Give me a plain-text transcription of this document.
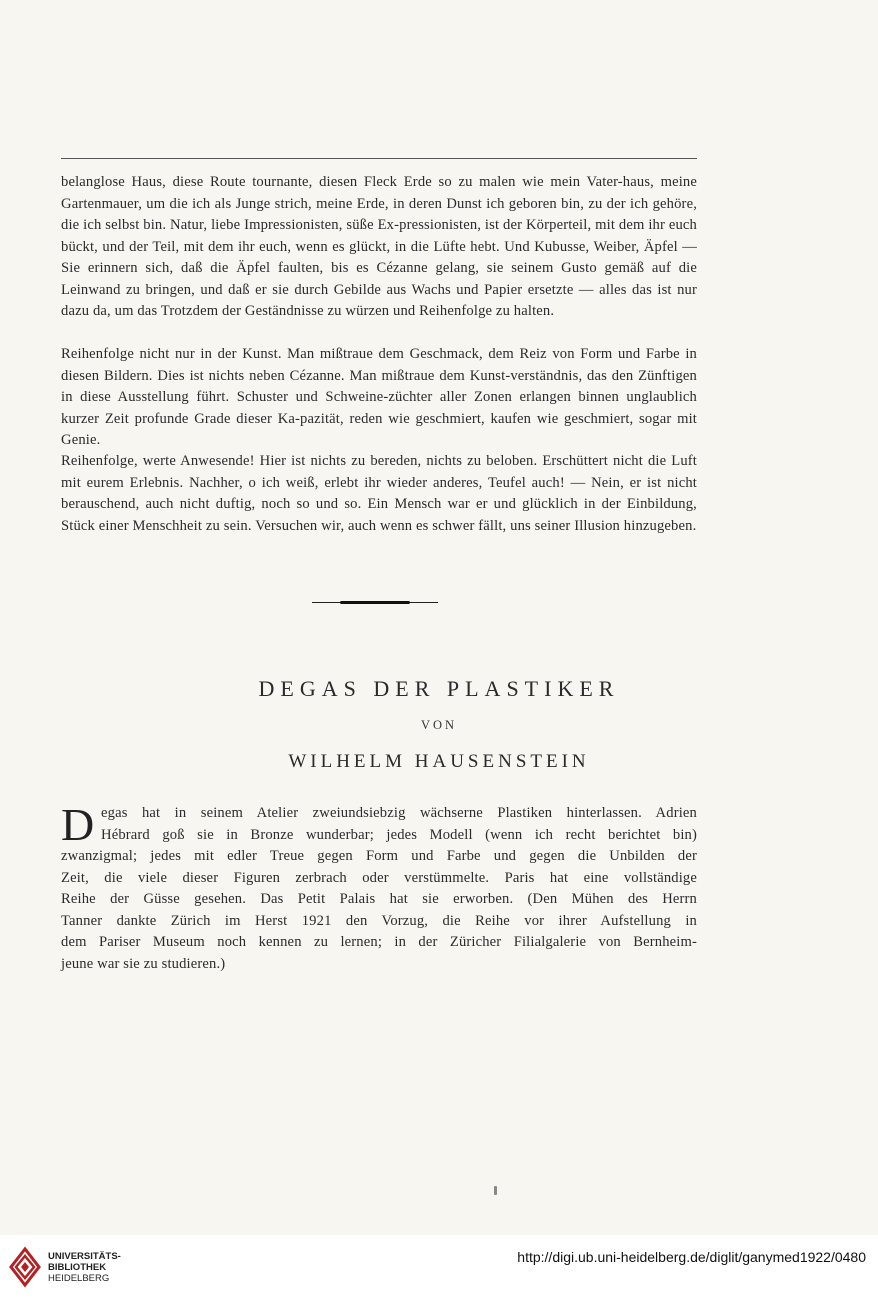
belanglose Haus, diese Route tournante, diesen Fleck Erde so zu malen wie mein Vater-haus, meine Gartenmauer, um die ich als Junge strich, meine Erde, in deren Dunst ich geboren bin, zu der ich gehöre, die ich selbst bin. Natur, liebe Impressionisten, süße Ex-pressionisten, ist der Körperteil, mit dem ihr euch bückt, und der Teil, mit dem ihr euch, wenn es glückt, in die Lüfte hebt. Und Kubusse, Weiber, Äpfel — Sie erinnern sich, daß die Äpfel faulten, bis es Cézanne gelang, sie seinem Gusto gemäß auf die Leinwand zu bringen, und daß er sie durch Gebilde aus Wachs und Papier ersetzte — alles das ist nur dazu da, um das Trotzdem der Geständnisse zu würzen und Reihenfolge zu halten.

Reihenfolge nicht nur in der Kunst. Man mißtraue dem Geschmack, dem Reiz von Form und Farbe in diesen Bildern. Dies ist nichts neben Cézanne. Man mißtraue dem Kunst-verständnis, das den Zünftigen in diese Ausstellung führt. Schuster und Schweine-züchter aller Zonen erlangen binnen unglaublich kurzer Zeit profunde Grade dieser Ka-pazität, reden wie geschmiert, kaufen wie geschmiert, sogar mit Genie.

Reihenfolge, werte Anwesende! Hier ist nichts zu bereden, nichts zu beloben. Erschüttert nicht die Luft mit eurem Erlebnis. Nachher, o ich weiß, erlebt ihr wieder anderes, Teufel auch! — Nein, er ist nicht berauschend, auch nicht duftig, noch so und so. Ein Mensch war er und glücklich in der Einbildung, Stück einer Menschheit zu sein. Versuchen wir, auch wenn es schwer fällt, uns seiner Illusion hinzugeben.

DEGAS DER PLASTIKER
VON
WILHELM HAUSENSTEIN
D egas hat in seinem Atelier zweiundsiebzig wächserne Plastiken hinterlassen. Adrien
Hébrard goß sie in Bronze wunderbar; jedes Modell (wenn ich recht berichtet bin)
zwanzigmal; jedes mit edler Treue gegen Form und Farbe und gegen die Unbilden der
Zeit, die viele dieser Figuren zerbrach oder verstümmelte. Paris hat eine vollständige
Reihe der Güsse gesehen. Das Petit Palais hat sie erworben. (Den Mühen des Herrn
Tanner dankte Zürich im Herst 1921 den Vorzug, die Reihe vor ihrer Aufstellung in
dem Pariser Museum noch kennen zu lernen; in der Züricher Filialgalerie von Bernheim-
jeune war sie zu studieren.)
UNIVERSITÄTS-
BIBLIOTHEK
HEIDELBERG
http://digi.ub.uni-heidelberg.de/diglit/ganymed1922/0480
